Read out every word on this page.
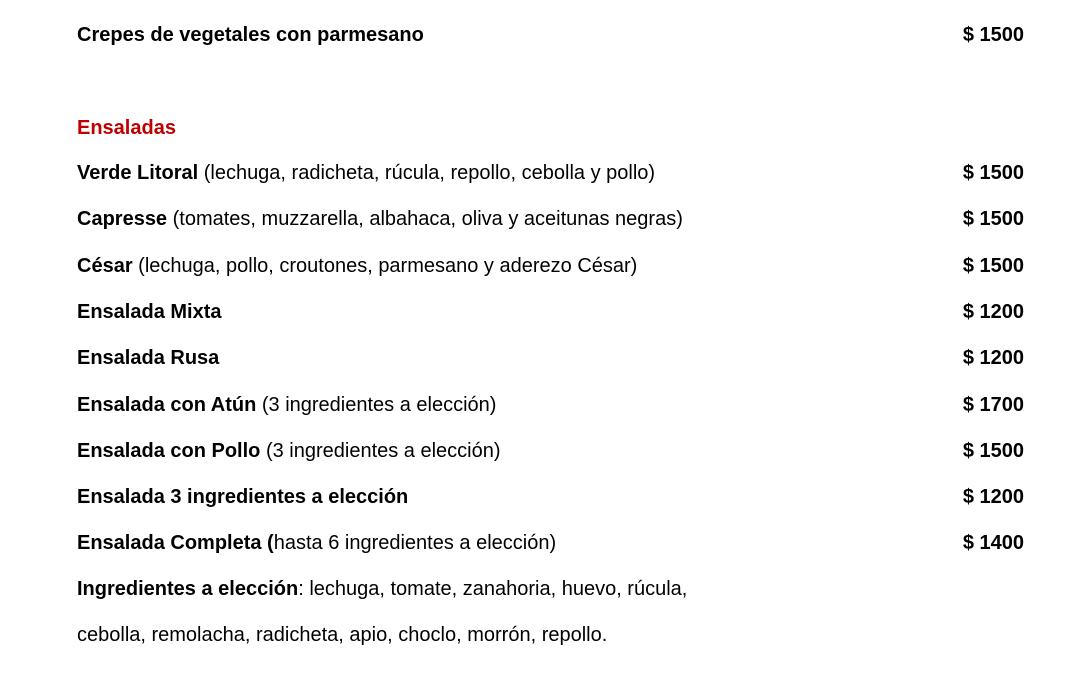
Crepes de vegetales con parmesano	$ 1500
Ensaladas
Verde Litoral (lechuga, radicheta, rúcula, repollo, cebolla y pollo)	$ 1500
Capresse (tomates, muzzarella, albahaca, oliva y aceitunas negras)	$ 1500
César (lechuga, pollo, croutones, parmesano y aderezo César)	$ 1500
Ensalada Mixta	$ 1200
Ensalada Rusa	$ 1200
Ensalada con Atún (3 ingredientes a elección)	$ 1700
Ensalada con Pollo (3 ingredientes a elección)	$ 1500
Ensalada 3 ingredientes a elección	$ 1200
Ensalada Completa (hasta 6 ingredientes a elección)	$ 1400
Ingredientes a elección: lechuga, tomate, zanahoria, huevo, rúcula,
cebolla, remolacha, radicheta, apio, choclo, morrón, repollo.
